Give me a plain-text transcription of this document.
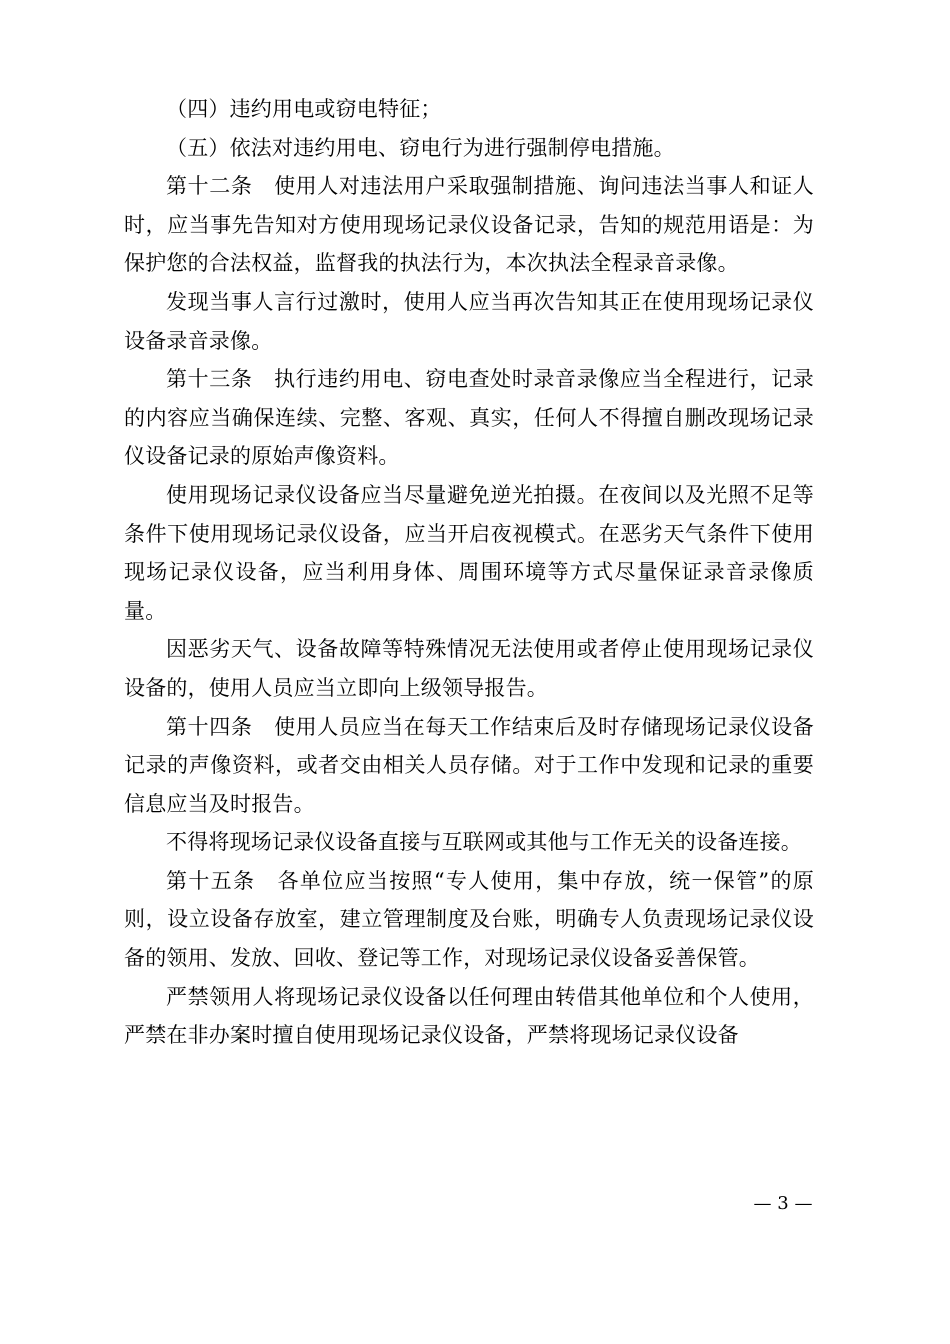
（四）违约用电或窃电特征；

（五）依法对违约用电、窃电行为进行强制停电措施。

第十二条　使用人对违法用户采取强制措施、询问违法当事人和证人时，应当事先告知对方使用现场记录仪设备记录，告知的规范用语是：为保护您的合法权益，监督我的执法行为，本次执法全程录音录像。

发现当事人言行过激时，使用人应当再次告知其正在使用现场记录仪设备录音录像。

第十三条　执行违约用电、窃电查处时录音录像应当全程进行，记录的内容应当确保连续、完整、客观、真实，任何人不得擅自删改现场记录仪设备记录的原始声像资料。

使用现场记录仪设备应当尽量避免逆光拍摄。在夜间以及光照不足等条件下使用现场记录仪设备，应当开启夜视模式。在恶劣天气条件下使用现场记录仪设备，应当利用身体、周围环境等方式尽量保证录音录像质量。

因恶劣天气、设备故障等特殊情况无法使用或者停止使用现场记录仪设备的，使用人员应当立即向上级领导报告。

第十四条　使用人员应当在每天工作结束后及时存储现场记录仪设备记录的声像资料，或者交由相关人员存储。对于工作中发现和记录的重要信息应当及时报告。

不得将现场记录仪设备直接与互联网或其他与工作无关的设备连接。

第十五条　各单位应当按照“专人使用，集中存放，统一保管”的原则，设立设备存放室，建立管理制度及台账，明确专人负责现场记录仪设备的领用、发放、回收、登记等工作，对现场记录仪设备妥善保管。

严禁领用人将现场记录仪设备以任何理由转借其他单位和个人使用，严禁在非办案时擅自使用现场记录仪设备，严禁将现场记录仪设备

— 3 —
